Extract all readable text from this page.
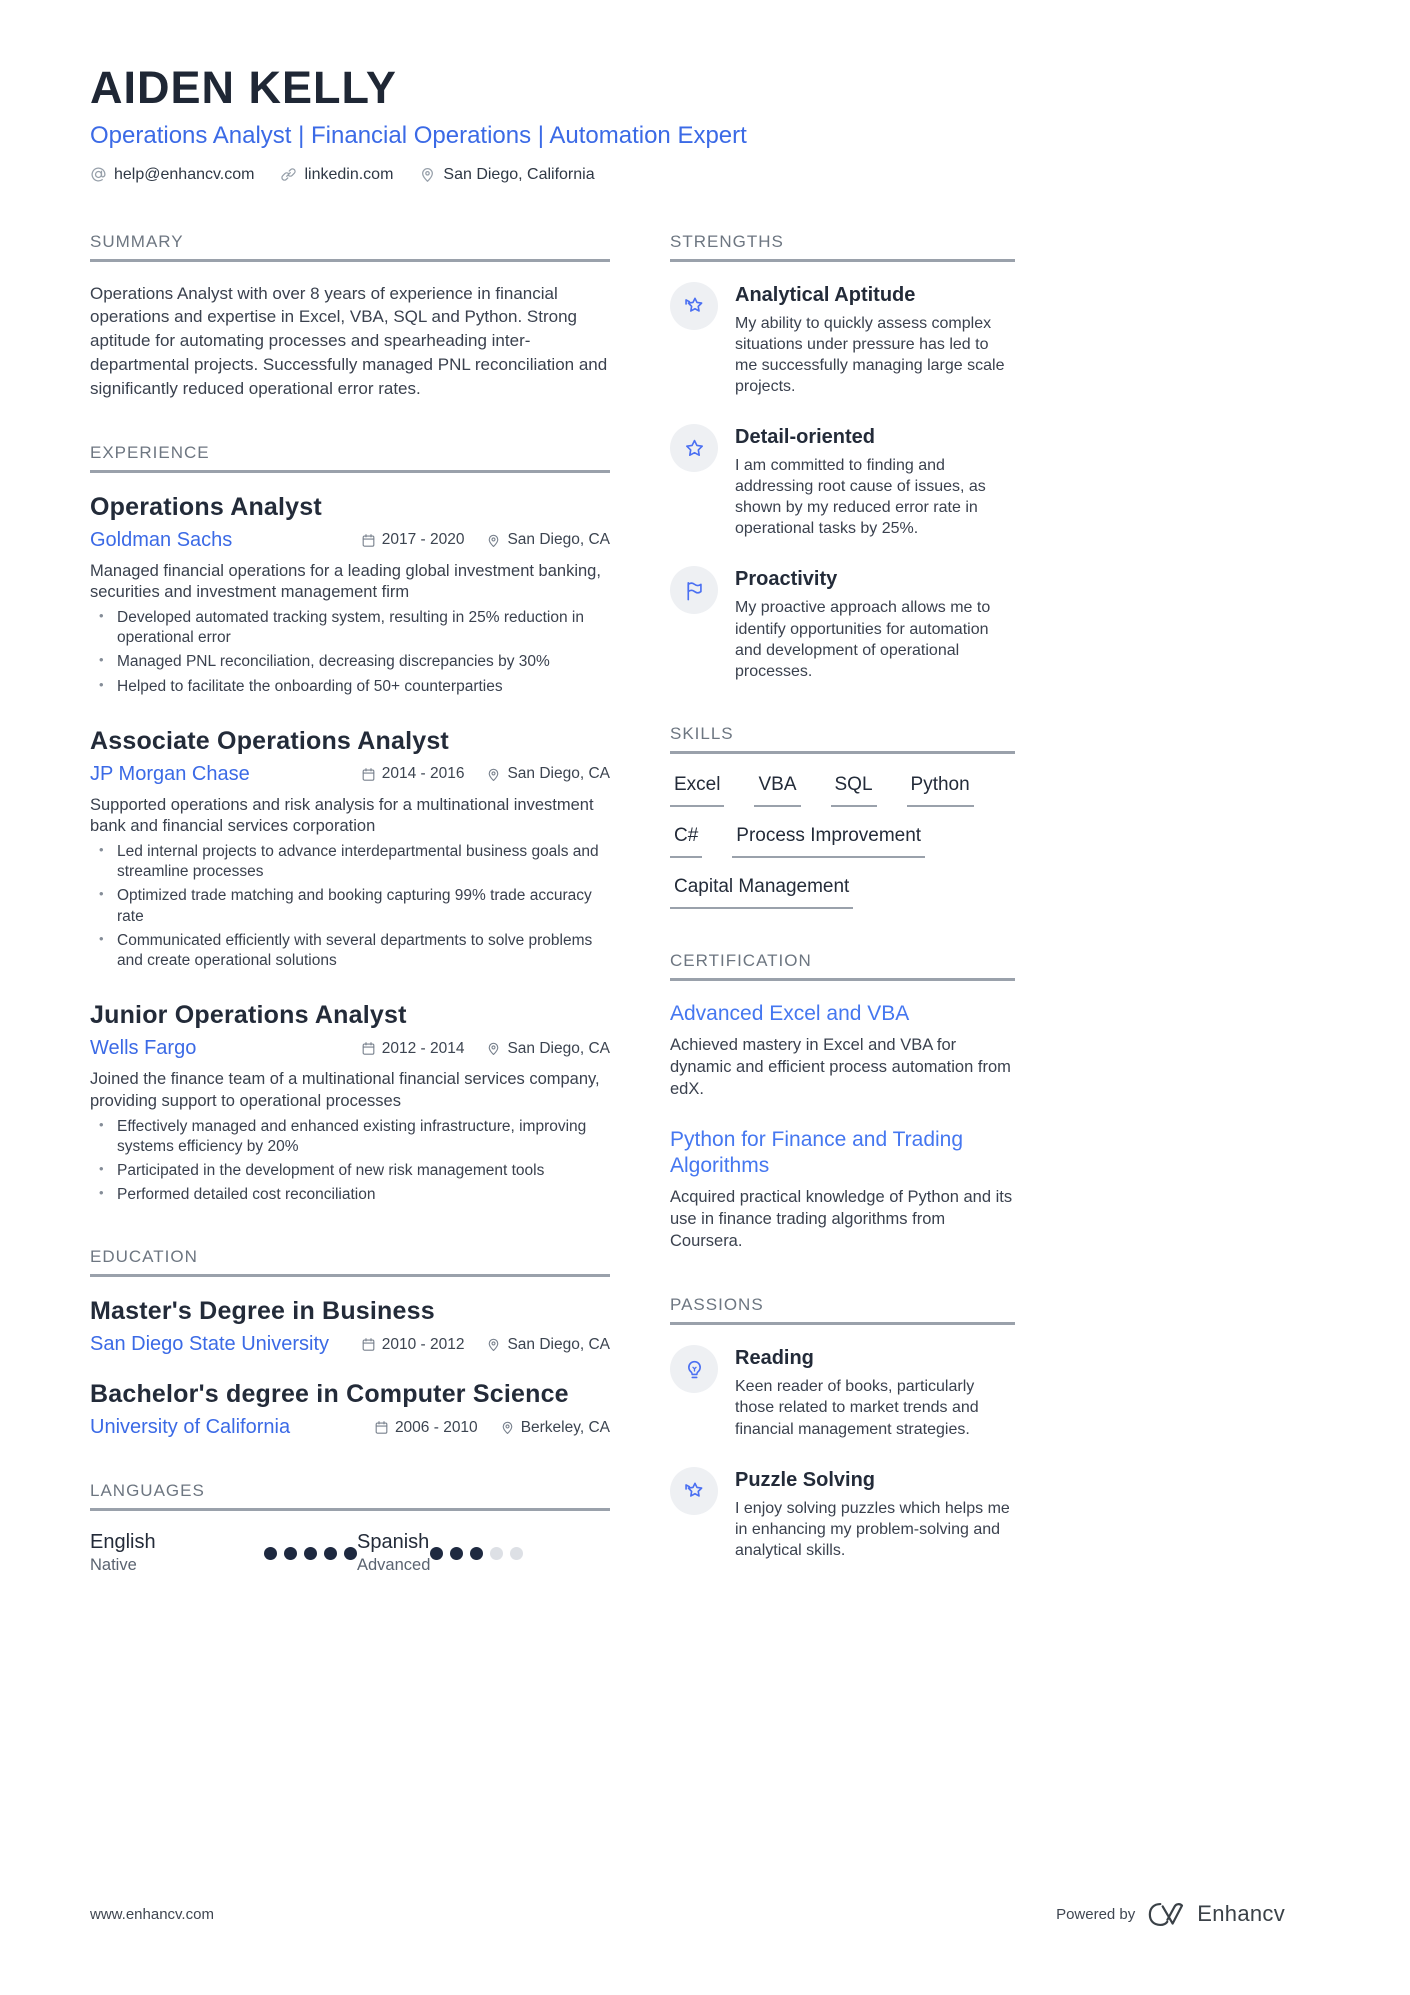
AIDEN KELLY
Operations Analyst | Financial Operations | Automation Expert
help@enhancv.com	linkedin.com	San Diego, California
SUMMARY

Operations Analyst with over 8 years of experience in financial operations and expertise in Excel, VBA, SQL and Python. Strong aptitude for automating processes and spearheading inter-departmental projects. Successfully managed PNL reconciliation and significantly reduced operational error rates.

EXPERIENCE
Operations Analyst
Goldman Sachs	2017 - 2020	San Diego, CA

Managed financial operations for a leading global investment banking, securities and investment management firm

• Developed automated tracking system, resulting in 25% reduction in operational error
• Managed PNL reconciliation, decreasing discrepancies by 30%
• Helped to facilitate the onboarding of 50+ counterparties
Associate Operations Analyst
JP Morgan Chase	2014 - 2016	San Diego, CA

Supported operations and risk analysis for a multinational investment bank and financial services corporation

• Led internal projects to advance interdepartmental business goals and streamline processes
• Optimized trade matching and booking capturing 99% trade accuracy rate
• Communicated efficiently with several departments to solve problems and create operational solutions
Junior Operations Analyst
Wells Fargo	2012 - 2014	San Diego, CA

Joined the finance team of a multinational financial services company, providing support to operational processes

• Effectively managed and enhanced existing infrastructure, improving systems efficiency by 20%
• Participated in the development of new risk management tools
• Performed detailed cost reconciliation
EDUCATION
Master's Degree in Business
San Diego State University	2010 - 2012	San Diego, CA
Bachelor's degree in Computer Science
University of California	2006 - 2010	Berkeley, CA
LANGUAGES
English
Native
Spanish
Advanced
STRENGTHS
Analytical Aptitude
My ability to quickly assess complex situations under pressure has led to me successfully managing large scale projects.
Detail-oriented
I am committed to finding and addressing root cause of issues, as shown by my reduced error rate in operational tasks by 25%.
Proactivity
My proactive approach allows me to identify opportunities for automation and development of operational processes.
SKILLS
Excel VBA SQL Python
C# Process Improvement
Capital Management
CERTIFICATION
Advanced Excel and VBA
Achieved mastery in Excel and VBA for dynamic and efficient process automation from edX.
Python for Finance and Trading Algorithms
Acquired practical knowledge of Python and its use in finance trading algorithms from Coursera.
PASSIONS
Reading
Keen reader of books, particularly those related to market trends and financial management strategies.
Puzzle Solving
I enjoy solving puzzles which helps me in enhancing my problem-solving and analytical skills.
www.enhancv.com	Powered by	Enhancv
